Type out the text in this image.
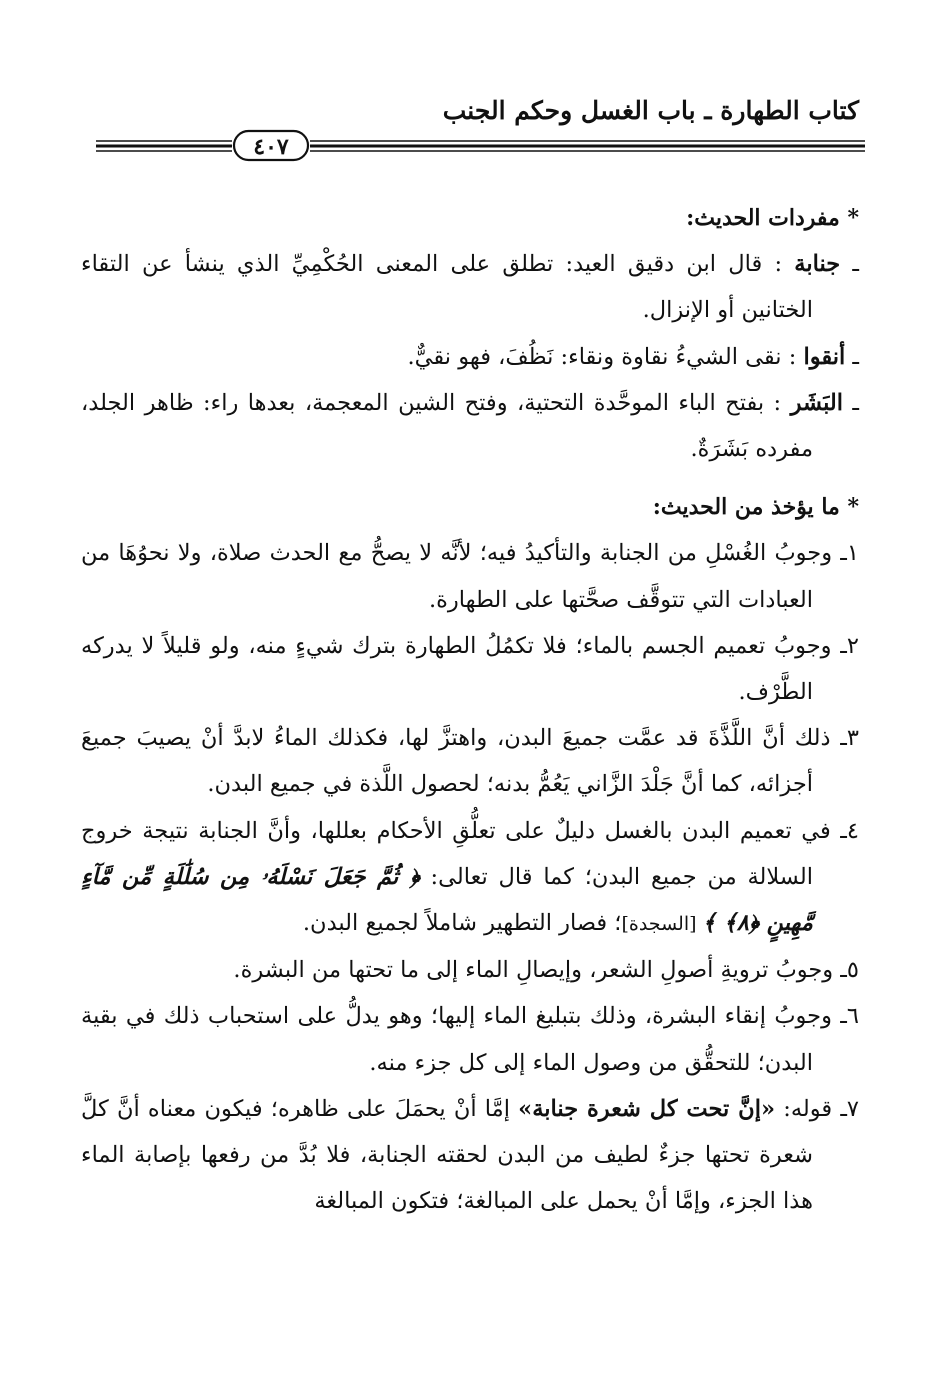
كتاب الطهارة ـ باب الغسل وحكم الجنب
٤٠٧

* مفردات الحديث:

ـ جنابة : قال ابن دقيق العيد: تطلق على المعنى الحُكْمِيِّ الذي ينشأ عن التقاء الختانين أو الإنزال.

ـ أنقوا : نقى الشيءُ نقاوة ونقاء: نَظُفَ، فهو نقيٌّ.

ـ البَشَر : بفتح الباء الموحَّدة التحتية، وفتح الشين المعجمة، بعدها راء: ظاهر الجلد، مفرده بَشَرَةٌ.

* ما يؤخذ من الحديث:

١ـ وجوبُ الغُسْلِ من الجنابة والتأكيدُ فيه؛ لأنَّه لا يصحُّ مع الحدث صلاة، ولا نحوُهَا من العبادات التي تتوقَّف صحَّتها على الطهارة.

٢ـ وجوبُ تعميم الجسم بالماء؛ فلا تكمُلُ الطهارة بترك شيءٍ منه، ولو قليلاً لا يدركه الطَّرْف.

٣ـ ذلك أنَّ اللَّذَّةَ قد عمَّت جميعَ البدن، واهتزَّ لها، فكذلك الماءُ لابدَّ أنْ يصيبَ جميعَ أجزائه، كما أنَّ جَلْدَ الزَّاني يَعُمُّ بدنه؛ لحصول اللَّذة في جميع البدن.

٤ـ في تعميم البدن بالغسل دليلٌ على تعلُّقِ الأحكام بعللها، وأنَّ الجنابة نتيجة خروج السلالة من جميع البدن؛ كما قال تعالى: ﴿ ثُمَّ جَعَلَ نَسْلَهُۥ مِن سُلَٰلَةٍ مِّن مَّآءٍ مَّهِينٍ ﴿٨﴾ ﴾ [السجدة]؛ فصار التطهير شاملاً لجميع البدن.

٥ـ وجوبُ ترويةِ أصولِ الشعر، وإيصالِ الماء إلى ما تحتها من البشرة.

٦ـ وجوبُ إنقاء البشرة، وذلك بتبليغ الماء إليها؛ وهو يدلُّ على استحباب ذلك في بقية البدن؛ للتحقُّق من وصول الماء إلى كل جزء منه.

٧ـ قوله: «إنَّ تحت كل شعرة جنابة» إمَّا أنْ يحمَلَ على ظاهره؛ فيكون معناه أنَّ كلَّ شعرة تحتها جزءٌ لطيف من البدن لحقته الجنابة، فلا بُدَّ من رفعها بإصابة الماء هذا الجزء، وإمَّا أنْ يحمل على المبالغة؛ فتكون المبالغة
